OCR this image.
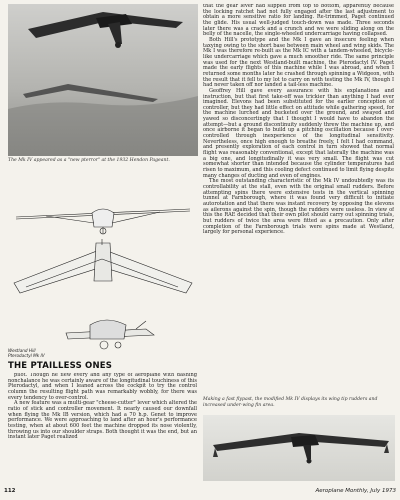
The Mk IV appeared as a "new pterror" at the 1932 Hendon Pageant.
Westland Hill Pterodactyl Mk IV
THE PTAILLESS ONES

pilot. Though he flew every and any type of aeroplane with dashing nonchalance he was certainly aware of the longitudinal touchiness of this Pterodactyl, and when I leaned across the cockpit to try the control column the resulting flight path was remarkably wobbly, for there was every tendency to over-control.

A new feature was a multi-gear "cheese-cutter" lever which altered the ratio of stick and controller movement. It nearly caused our downfall when flying the Mk IB version, which had a 70 h.p. Genet to improve performance. We were approaching to land after an hour's performance testing, when at about 600 feet the machine dropped its nose violently, throwing us into our shoulder straps. Both thought it was the end, but an instant later Paget realized

that the gear lever had slipped from top to bottom, apparently because the locking ratchet had not fully engaged after the last adjustment to obtain a more sensitive ratio for landing. Re-trimmed, Paget continued the glide. His usual well-judged touch-down was made. Three seconds later there was a crack and a crunch and we were sliding along on the belly of the nacelle, the single-wheeled undercarriage having collapsed.

Both Hill's prototype and the Mk I gave an insecure feeling when taxying owing to the short base between main wheel and wing skids. The Mk I was therefore re-built as the Mk IC with a tandem-wheeled, bicycle-like undercarriage which gave a much smoother ride. The same principle was used for the next Westland-built machine, the Pterodactyl IV. Paget made the early flights of this machine while I was abroad, and when I returned some months later he crashed through spinning a Widgeon, with the result that it fell to my lot to carry on with testing the Mk IV, though I had never taken off nor landed a tail-less machine.

Geoffrey Hill gave every assurance with his explanations and instruction, but that first take-off was trickier than anything I had ever imagined. Elevons had been substituted for the earlier conception of controller, but they had little effect on attitude while gathering speed, for the machine lurched and bucketed over the ground, and swayed and yawed so disconcertingly that I thought I would have to abandon the attempt—but a ground discontinuity suddenly threw the machine up, and once airborne it began to build up a pitching oscillation because I over-controlled through inexperience of the longitudinal sensitivity. Nevertheless, once high enough to breathe freely, I felt I had command, and presently exploration of each control in turn showed that normal flight was reasonably conventional, except that laterally the machine was a big one, and longitudinally it was very small. The flight was cut somewhat shorter than intended because the cylinder temperatures had risen to maximum, and this cooling defect continued to limit flying despite many changes of ducting and even of engines.

The most outstanding characteristic of the Mk IV undoubtedly was its controllability at the stall, even with the original small rudders. Before attempting spins there were extensive tests in the vertical spinning tunnel at Farnborough, where it was found very difficult to initiate autorotation and that there was instant recovery by opposing the elevons as ailerons against the spin, though the rudders were useless. In view of this the RAE decided that their own pilot should carry out spinning trials, but rudders of twice the area were fitted as a precaution. Only after completion of the Farnborough trials were spins made at Westland, largely for personal experience.

Making a fast flypast, the modified Mk IV displays its wing tip rudders and increased under-wing fin area.
112	Aeroplane Monthly, July 1973
